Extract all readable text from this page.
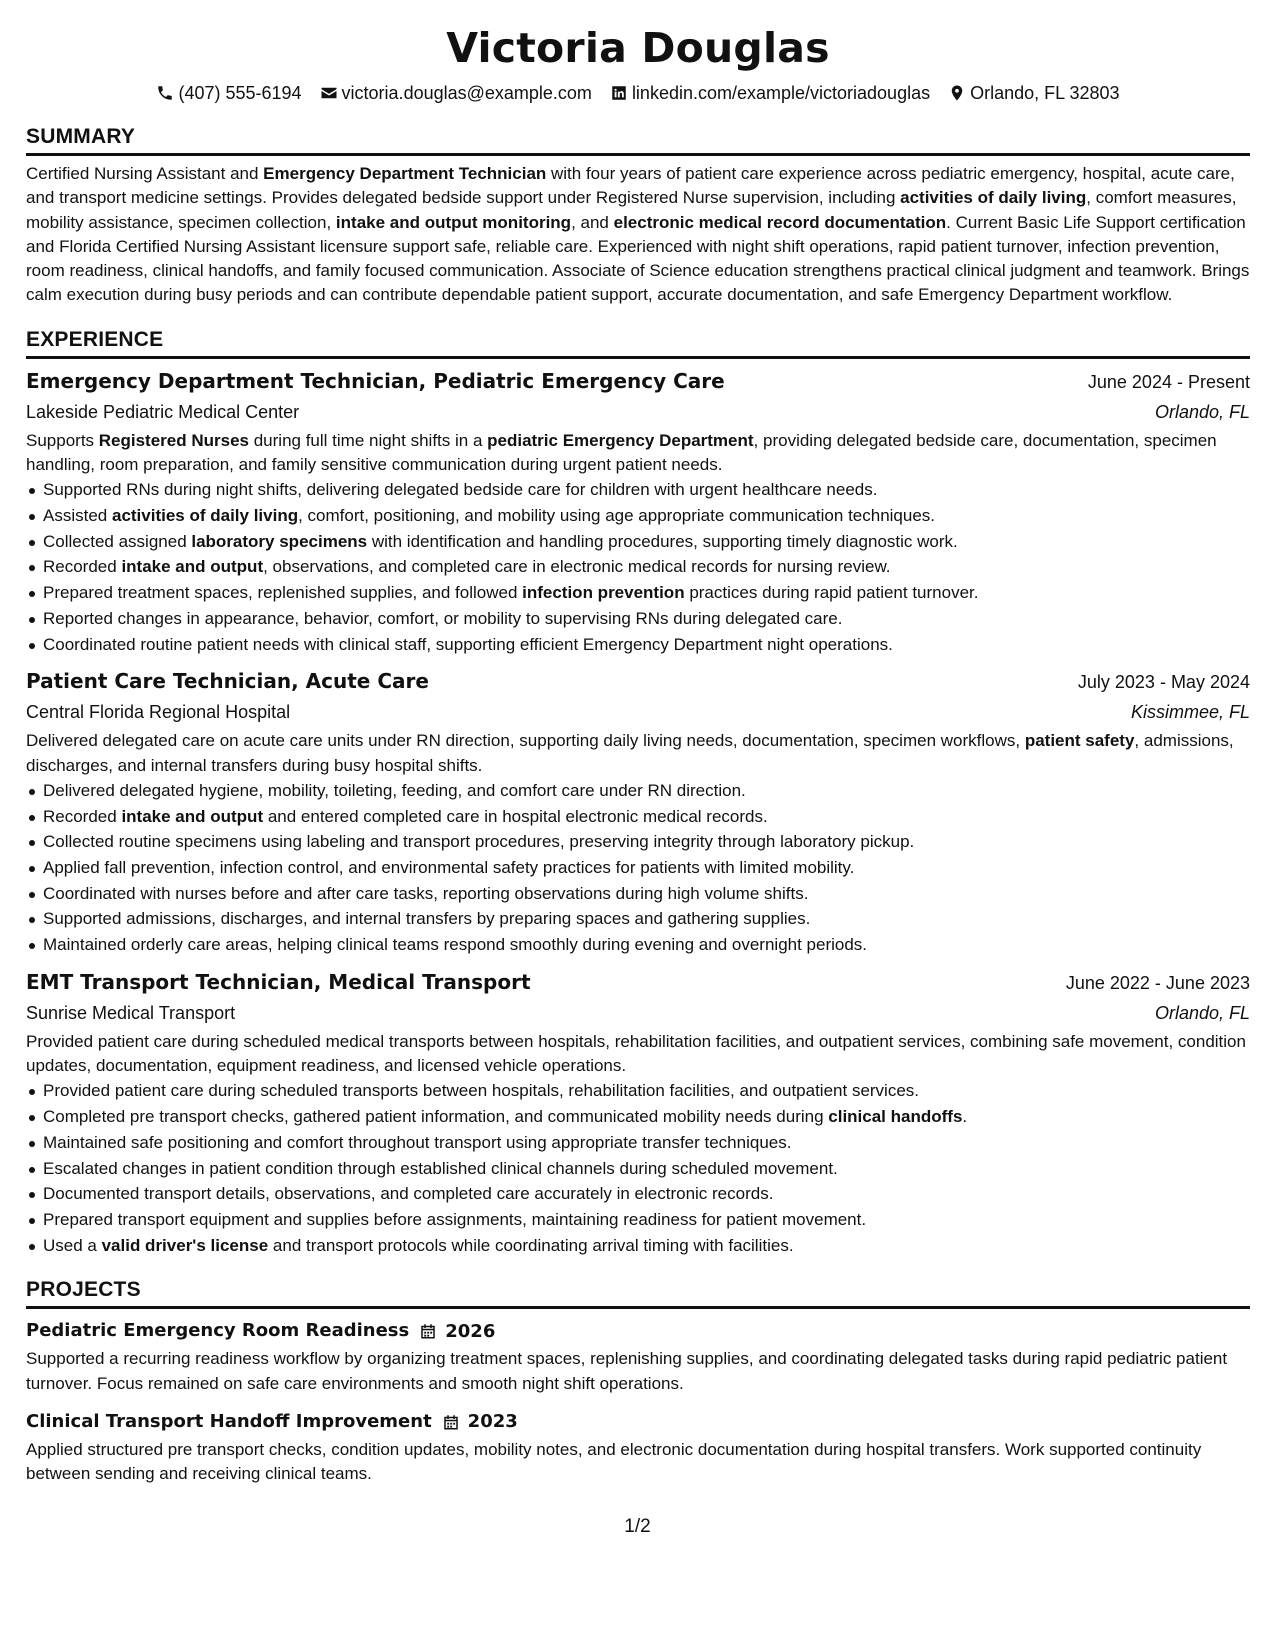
Victoria Douglas
(407) 555-6194 victoria.douglas@example.com linkedin.com/example/victoriadouglas Orlando, FL 32803
SUMMARY

Certified Nursing Assistant and Emergency Department Technician with four years of patient care experience across pediatric emergency, hospital, acute care, and transport medicine settings. Provides delegated bedside support under Registered Nurse supervision, including activities of daily living, comfort measures, mobility assistance, specimen collection, intake and output monitoring, and electronic medical record documentation. Current Basic Life Support certification and Florida Certified Nursing Assistant licensure support safe, reliable care. Experienced with night shift operations, rapid patient turnover, infection prevention, room readiness, clinical handoffs, and family focused communication. Associate of Science education strengthens practical clinical judgment and teamwork. Brings calm execution during busy periods and can contribute dependable patient support, accurate documentation, and safe Emergency Department workflow.

EXPERIENCE
Emergency Department Technician, Pediatric Emergency Care	June 2024 - Present
Lakeside Pediatric Medical Center	Orlando, FL

Supports Registered Nurses during full time night shifts in a pediatric Emergency Department, providing delegated bedside care, documentation, specimen handling, room preparation, and family sensitive communication during urgent patient needs.

Supported RNs during night shifts, delivering delegated bedside care for children with urgent healthcare needs.
Assisted activities of daily living, comfort, positioning, and mobility using age appropriate communication techniques.
Collected assigned laboratory specimens with identification and handling procedures, supporting timely diagnostic work.
Recorded intake and output, observations, and completed care in electronic medical records for nursing review.
Prepared treatment spaces, replenished supplies, and followed infection prevention practices during rapid patient turnover.
Reported changes in appearance, behavior, comfort, or mobility to supervising RNs during delegated care.
Coordinated routine patient needs with clinical staff, supporting efficient Emergency Department night operations.
Patient Care Technician, Acute Care	July 2023 - May 2024
Central Florida Regional Hospital	Kissimmee, FL

Delivered delegated care on acute care units under RN direction, supporting daily living needs, documentation, specimen workflows, patient safety, admissions, discharges, and internal transfers during busy hospital shifts.

Delivered delegated hygiene, mobility, toileting, feeding, and comfort care under RN direction.
Recorded intake and output and entered completed care in hospital electronic medical records.
Collected routine specimens using labeling and transport procedures, preserving integrity through laboratory pickup.
Applied fall prevention, infection control, and environmental safety practices for patients with limited mobility.
Coordinated with nurses before and after care tasks, reporting observations during high volume shifts.
Supported admissions, discharges, and internal transfers by preparing spaces and gathering supplies.
Maintained orderly care areas, helping clinical teams respond smoothly during evening and overnight periods.
EMT Transport Technician, Medical Transport	June 2022 - June 2023
Sunrise Medical Transport	Orlando, FL

Provided patient care during scheduled medical transports between hospitals, rehabilitation facilities, and outpatient services, combining safe movement, condition updates, documentation, equipment readiness, and licensed vehicle operations.

Provided patient care during scheduled transports between hospitals, rehabilitation facilities, and outpatient services.
Completed pre transport checks, gathered patient information, and communicated mobility needs during clinical handoffs.
Maintained safe positioning and comfort throughout transport using appropriate transfer techniques.
Escalated changes in patient condition through established clinical channels during scheduled movement.
Documented transport details, observations, and completed care accurately in electronic records.
Prepared transport equipment and supplies before assignments, maintaining readiness for patient movement.
Used a valid driver's license and transport protocols while coordinating arrival timing with facilities.
PROJECTS
Pediatric Emergency Room Readiness 2026

Supported a recurring readiness workflow by organizing treatment spaces, replenishing supplies, and coordinating delegated tasks during rapid pediatric patient turnover. Focus remained on safe care environments and smooth night shift operations.

Clinical Transport Handoff Improvement 2023

Applied structured pre transport checks, condition updates, mobility notes, and electronic documentation during hospital transfers. Work supported continuity between sending and receiving clinical teams.

1/2
